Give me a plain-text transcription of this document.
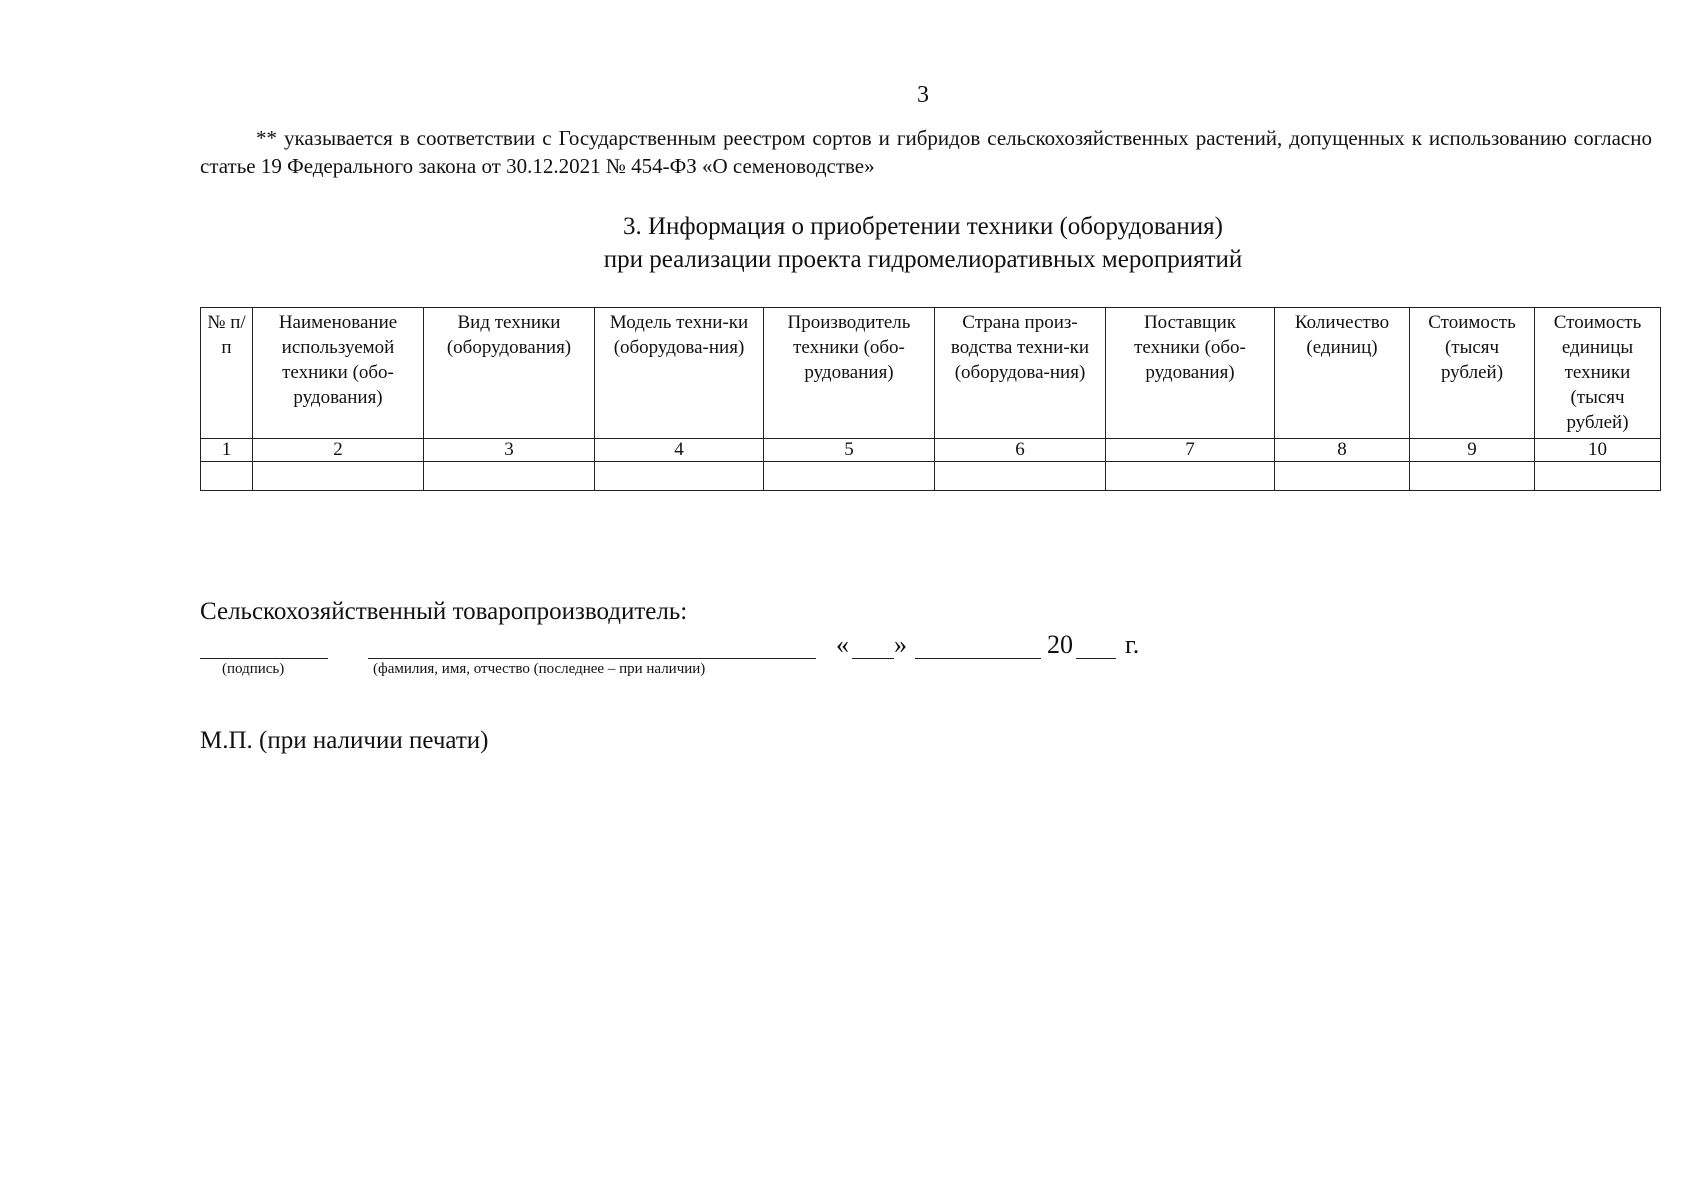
3
** указывается в соответствии с Государственным реестром сортов и гибридов сельскохозяйственных растений, допущенных к использованию согласно статье 19 Федерального закона от 30.12.2021 № 454-ФЗ «О семеноводстве»
3. Информация о приобретении техники (оборудования)
при реализации проекта гидромелиоративных мероприятий
№ п/п	Наименование используемой техники (обо-рудования)	Вид техники (оборудования)	Модель техни-ки (оборудова-ния)	Производитель техники (обо-рудования)	Страна произ-водства техни-ки (оборудова-ния)	Поставщик техники (обо-рудования)	Количество (единиц)	Стоимость (тысяч рублей)	Стоимость единицы техники (тысяч рублей)
1	2	3	4	5	6	7	8	9	10

Сельскохозяйственный товаропроизводитель:
(подпись)	(фамилия, имя, отчество (последнее – при наличии)
« »	20 г.
М.П. (при наличии печати)
